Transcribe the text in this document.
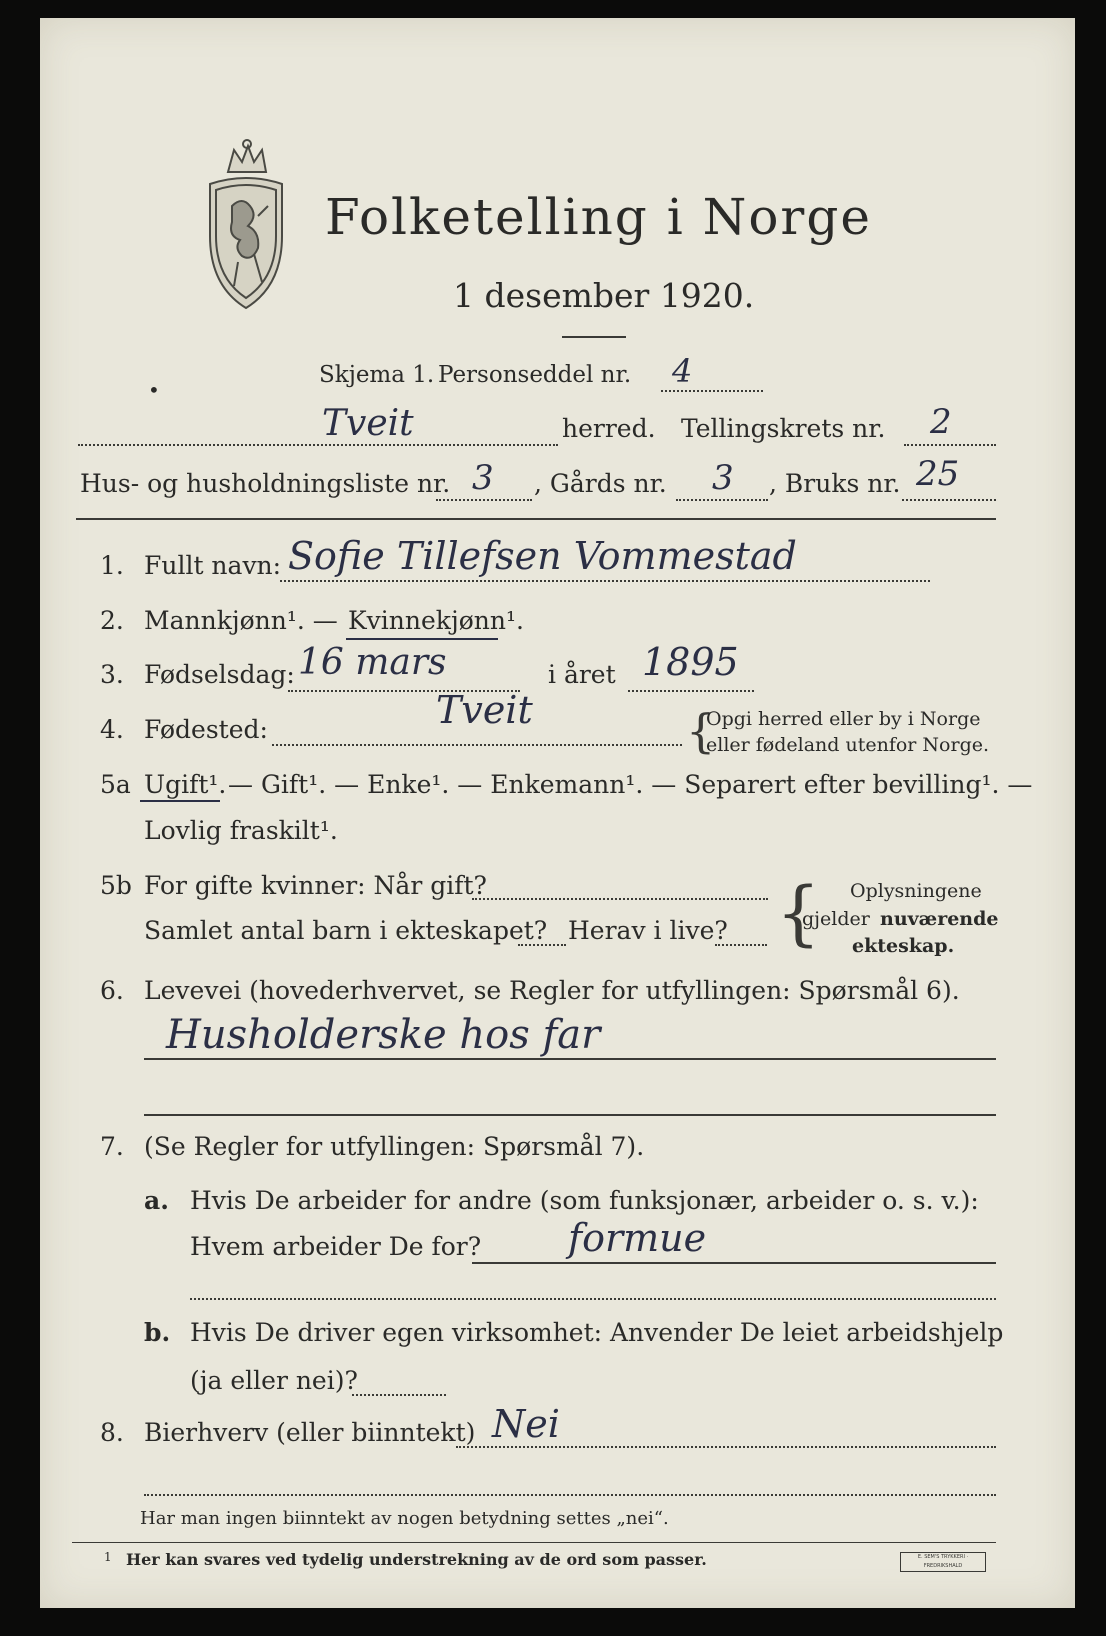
Folketelling i Norge
1 desember 1920.
Skjema 1. Personseddel nr. 4
•
Tveit	herred. Tellingskrets nr. 2
Hus- og husholdningsliste nr. 3 , Gårds nr. 3 , Bruks nr. 25
1. Fullt navn: Sofie Tillefsen Vommestad
2. Mannkjønn¹. — Kvinnekjønn¹.
3. Fødselsdag: 16 mars	i året 1895
4. Fødested:	Tveit	{
Opgi herred eller by i Norge
eller fødeland utenfor Norge.
5a Ugift¹. — Gift¹. — Enke¹. — Enkemann¹. — Separert efter bevilling¹. —
Lovlig fraskilt¹.
5b For gifte kvinner: Når gift?
Samlet antal barn i ekteskapet? Herav i live? { Oplysningene
gjelder nuværende
ekteskap.
6. Levevei (hovederhvervet, se Regler for utfyllingen: Spørsmål 6).
Husholderske hos far
7. (Se Regler for utfyllingen: Spørsmål 7).
a. Hvis De arbeider for andre (som funksjonær, arbeider o. s. v.):
Hvem arbeider De for? formue
b. Hvis De driver egen virksomhet: Anvender De leiet arbeidshjelp
(ja eller nei)?
8. Bierhverv (eller biinntekt) Nei
Har man ingen biinntekt av nogen betydning settes „nei“.
1 Her kan svares ved tydelig understrekning av de ord som passer.	E. SEM'S TRYKKERI · FREDRIKSHALD
